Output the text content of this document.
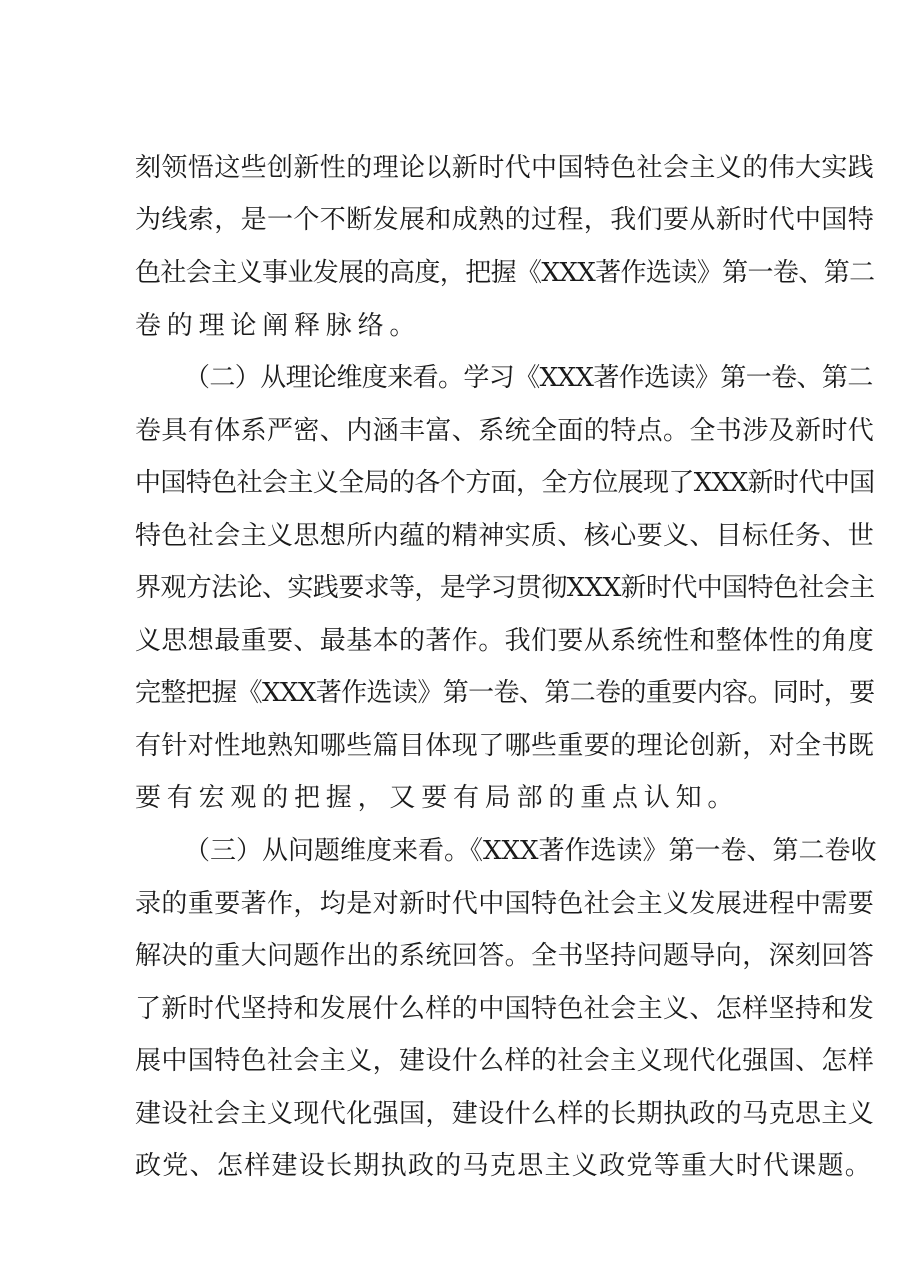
刻领悟这些创新性的理论以新时代中国特色社会主义的伟大实践
为线索，是一个不断发展和成熟的过程，我们要从新时代中国特
色社会主义事业发展的高度，把握《XXX著作选读》第一卷、第二
卷的理论阐释脉络。
（二）从理论维度来看。学习《XXX著作选读》第一卷、第二
卷具有体系严密、内涵丰富、系统全面的特点。全书涉及新时代
中国特色社会主义全局的各个方面，全方位展现了XXX新时代中国
特色社会主义思想所内蕴的精神实质、核心要义、目标任务、世
界观方法论、实践要求等，是学习贯彻XXX新时代中国特色社会主
义思想最重要、最基本的著作。我们要从系统性和整体性的角度
完整把握《XXX著作选读》第一卷、第二卷的重要内容。同时，要
有针对性地熟知哪些篇目体现了哪些重要的理论创新，对全书既
要有宏观的把握，又要有局部的重点认知。
（三）从问题维度来看。《XXX著作选读》第一卷、第二卷收
录的重要著作，均是对新时代中国特色社会主义发展进程中需要
解决的重大问题作出的系统回答。全书坚持问题导向，深刻回答
了新时代坚持和发展什么样的中国特色社会主义、怎样坚持和发
展中国特色社会主义，建设什么样的社会主义现代化强国、怎样
建设社会主义现代化强国，建设什么样的长期执政的马克思主义
政党、怎样建设长期执政的马克思主义政党等重大时代课题。
